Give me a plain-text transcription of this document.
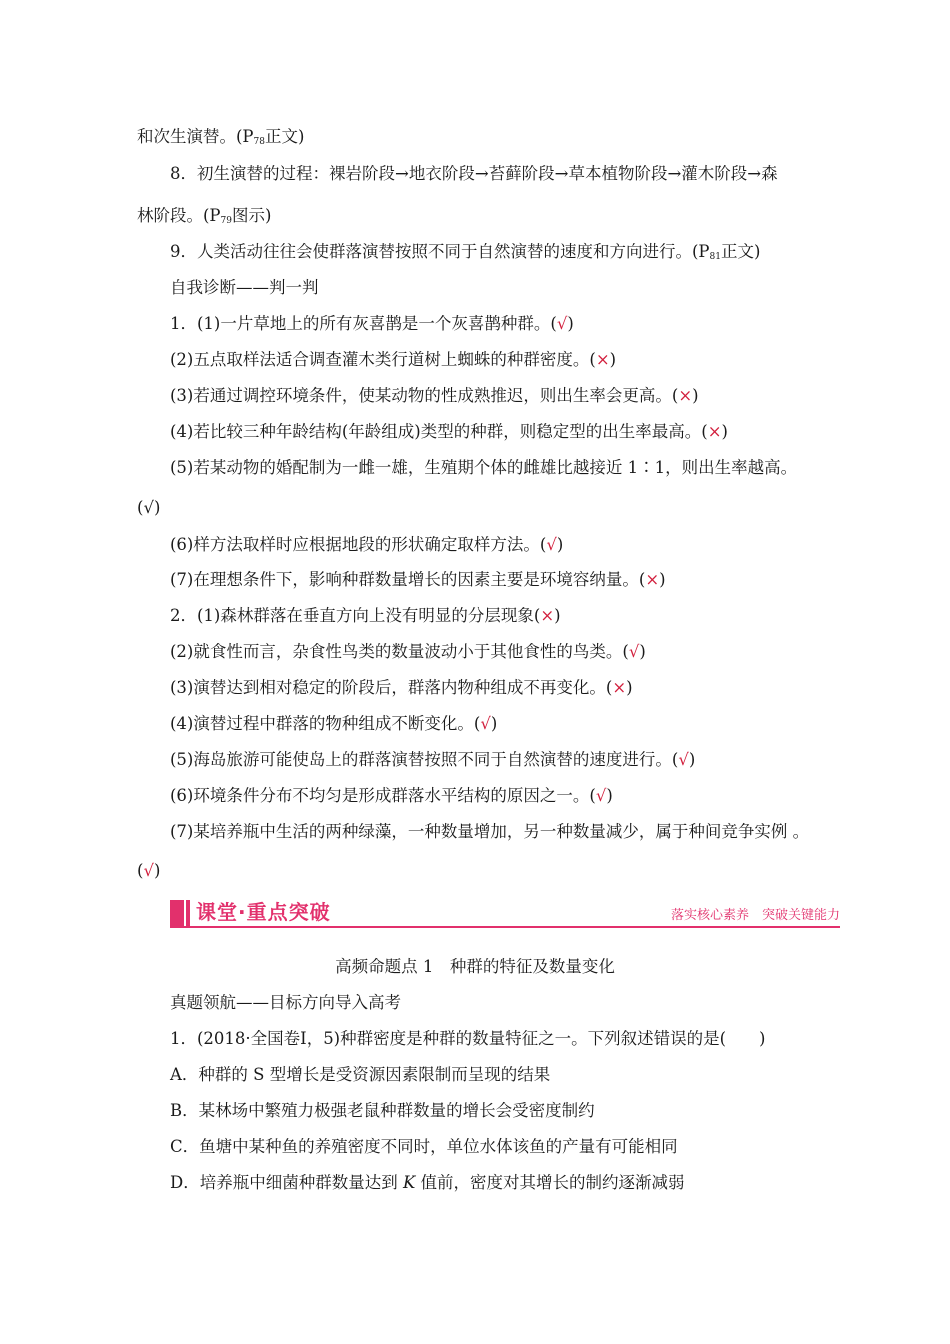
和次生演替。($P_{78}$正文)
8．初生演替的过程：裸岩阶段→地衣阶段→苔藓阶段→草本植物阶段→灌木阶段→森
林阶段。($P_{79}$图示)
9．人类活动往往会使群落演替按照不同于自然演替的速度和方向进行。($P_{81}$正文)
自我诊断——判一判
1．(1)一片草地上的所有灰喜鹊是一个灰喜鹊种群。(√)
(2)五点取样法适合调查灌木类行道树上蜘蛛的种群密度。(×)
(3)若通过调控环境条件，使某动物的性成熟推迟，则出生率会更高。(×)
(4)若比较三种年龄结构(年龄组成)类型的种群，则稳定型的出生率最高。(×)
(5)若某动物的婚配制为一雌一雄，生殖期个体的雌雄比越接近 1∶1，则出生率越高。
(√)
(6)样方法取样时应根据地段的形状确定取样方法。(√)
(7)在理想条件下，影响种群数量增长的因素主要是环境容纳量。(×)
2．(1)森林群落在垂直方向上没有明显的分层现象(×)
(2)就食性而言，杂食性鸟类的数量波动小于其他食性的鸟类。(√)
(3)演替达到相对稳定的阶段后，群落内物种组成不再变化。(×)
(4)演替过程中群落的物种组成不断变化。(√)
(5)海岛旅游可能使岛上的群落演替按照不同于自然演替的速度进行。(√)
(6)环境条件分布不均匀是形成群落水平结构的原因之一。(√)
(7)某培养瓶中生活的两种绿藻，一种数量增加，另一种数量减少，属于种间竞争实例 。
(√)
课堂·重点突破	落实核心素养　突破关键能力
高频命题点 1　种群的特征及数量变化
真题领航——目标方向导入高考
1．(2018·全国卷Ⅰ，5)种群密度是种群的数量特征之一。下列叙述错误的是(　　)
A．种群的 S 型增长是受资源因素限制而呈现的结果
B．某林场中繁殖力极强老鼠种群数量的增长会受密度制约
C．鱼塘中某种鱼的养殖密度不同时，单位水体该鱼的产量有可能相同
D．培养瓶中细菌种群数量达到 K 值前，密度对其增长的制约逐渐减弱
